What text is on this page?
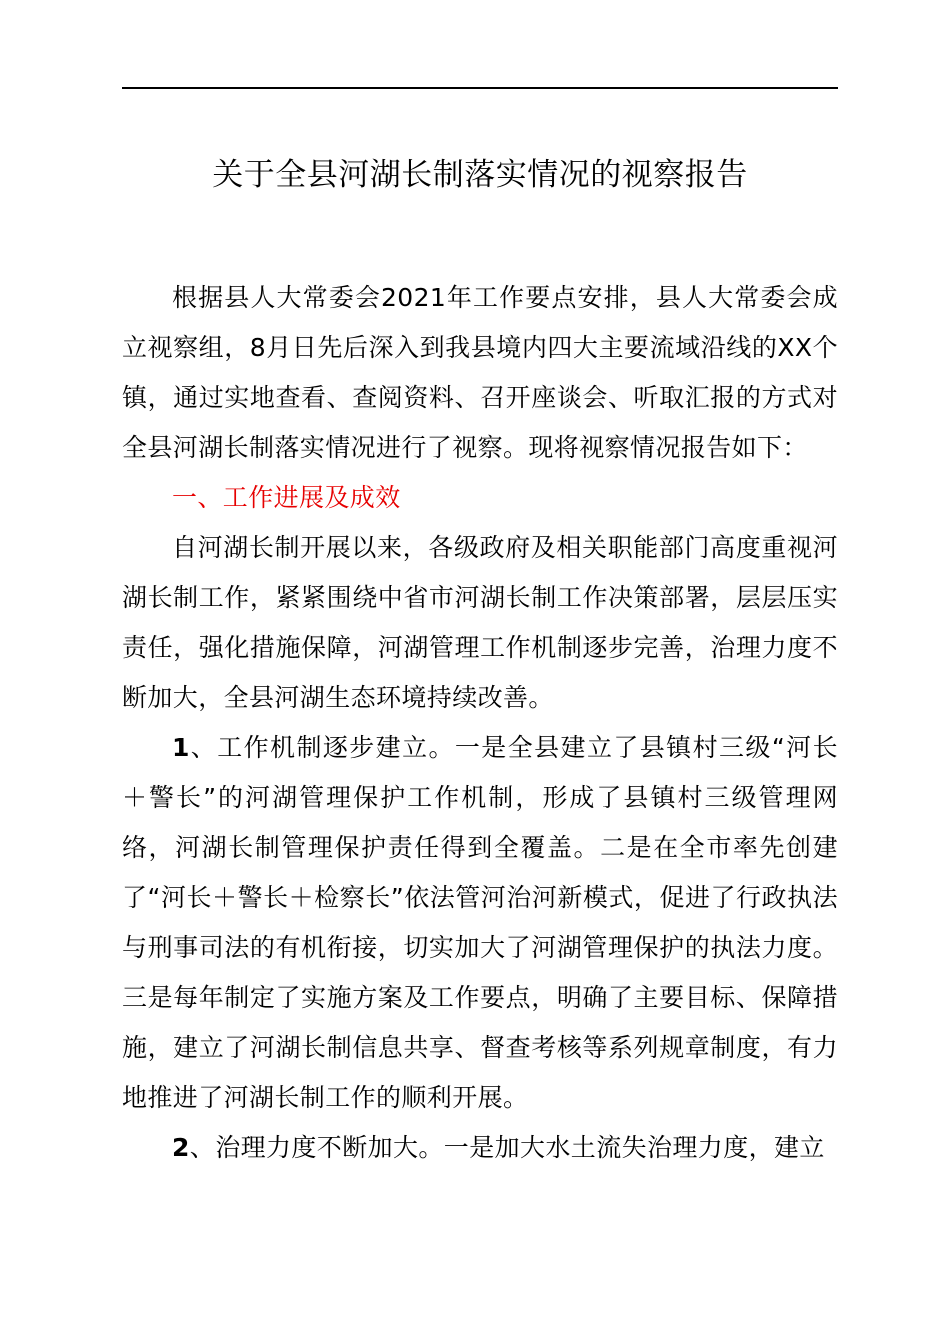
关于全县河湖长制落实情况的视察报告

根据县人大常委会2021年工作要点安排，县人大常委会成立视察组，8月日先后深入到我县境内四大主要流域沿线的XX个镇，通过实地查看、查阅资料、召开座谈会、听取汇报的方式对全县河湖长制落实情况进行了视察。现将视察情况报告如下：

一、工作进展及成效

自河湖长制开展以来，各级政府及相关职能部门高度重视河湖长制工作，紧紧围绕中省市河湖长制工作决策部署，层层压实责任，强化措施保障，河湖管理工作机制逐步完善，治理力度不断加大，全县河湖生态环境持续改善。

1、工作机制逐步建立。一是全县建立了县镇村三级“河长＋警长”的河湖管理保护工作机制，形成了县镇村三级管理网络，河湖长制管理保护责任得到全覆盖。二是在全市率先创建了“河长＋警长＋检察长”依法管河治河新模式，促进了行政执法与刑事司法的有机衔接，切实加大了河湖管理保护的执法力度。三是每年制定了实施方案及工作要点，明确了主要目标、保障措施，建立了河湖长制信息共享、督查考核等系列规章制度，有力地推进了河湖长制工作的顺利开展。

2、治理力度不断加大。一是加大水土流失治理力度，建立
